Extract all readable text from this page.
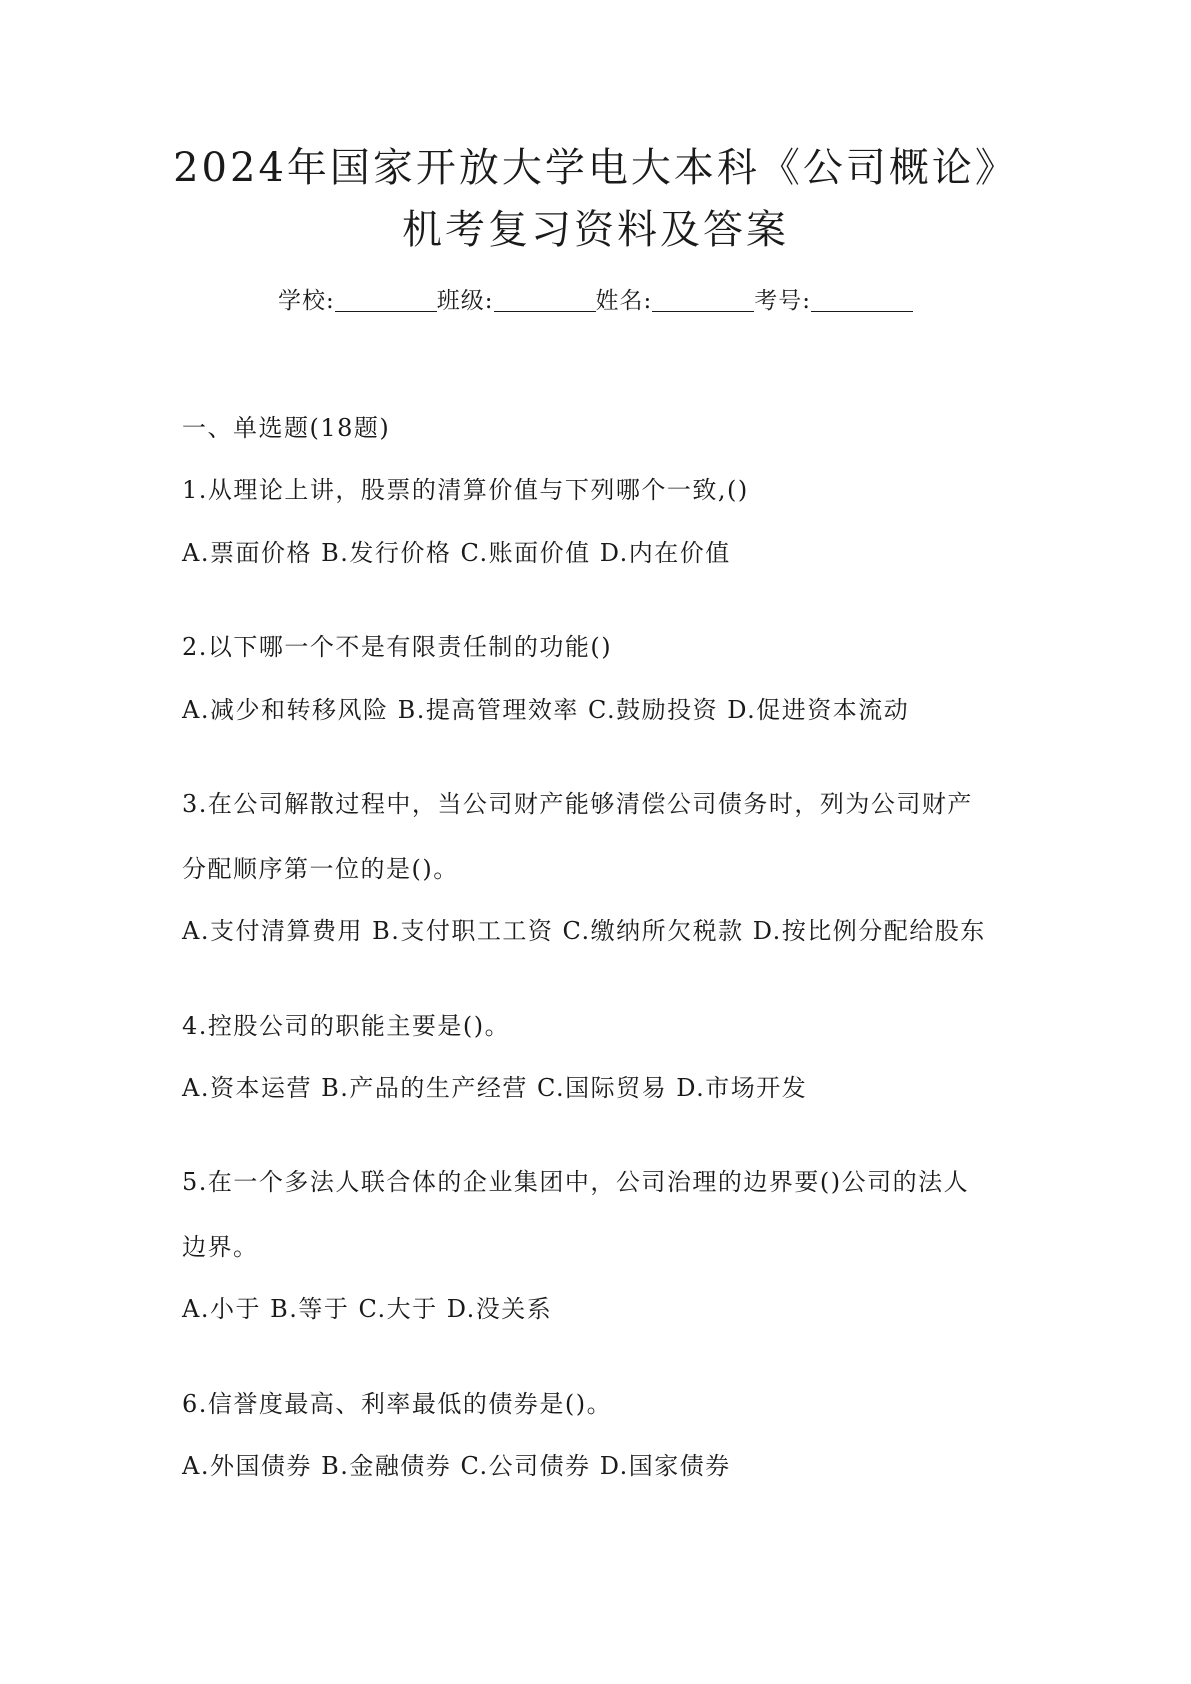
2024年国家开放大学电大本科《公司概论》
机考复习资料及答案
学校:	班级:	姓名:	考号:
一、单选题(18题)
1.从理论上讲，股票的清算价值与下列哪个一致,()
A.票面价格 B.发行价格 C.账面价值 D.内在价值
2.以下哪一个不是有限责任制的功能()
A.减少和转移风险 B.提高管理效率 C.鼓励投资 D.促进资本流动
3.在公司解散过程中，当公司财产能够清偿公司债务时，列为公司财产
分配顺序第一位的是()。
A.支付清算费用 B.支付职工工资 C.缴纳所欠税款 D.按比例分配给股东
4.控股公司的职能主要是()。
A.资本运营 B.产品的生产经营 C.国际贸易 D.市场开发
5.在一个多法人联合体的企业集团中，公司治理的边界要()公司的法人
边界。
A.小于 B.等于 C.大于 D.没关系
6.信誉度最高、利率最低的债券是()。
A.外国债券 B.金融债券 C.公司债券 D.国家债券
